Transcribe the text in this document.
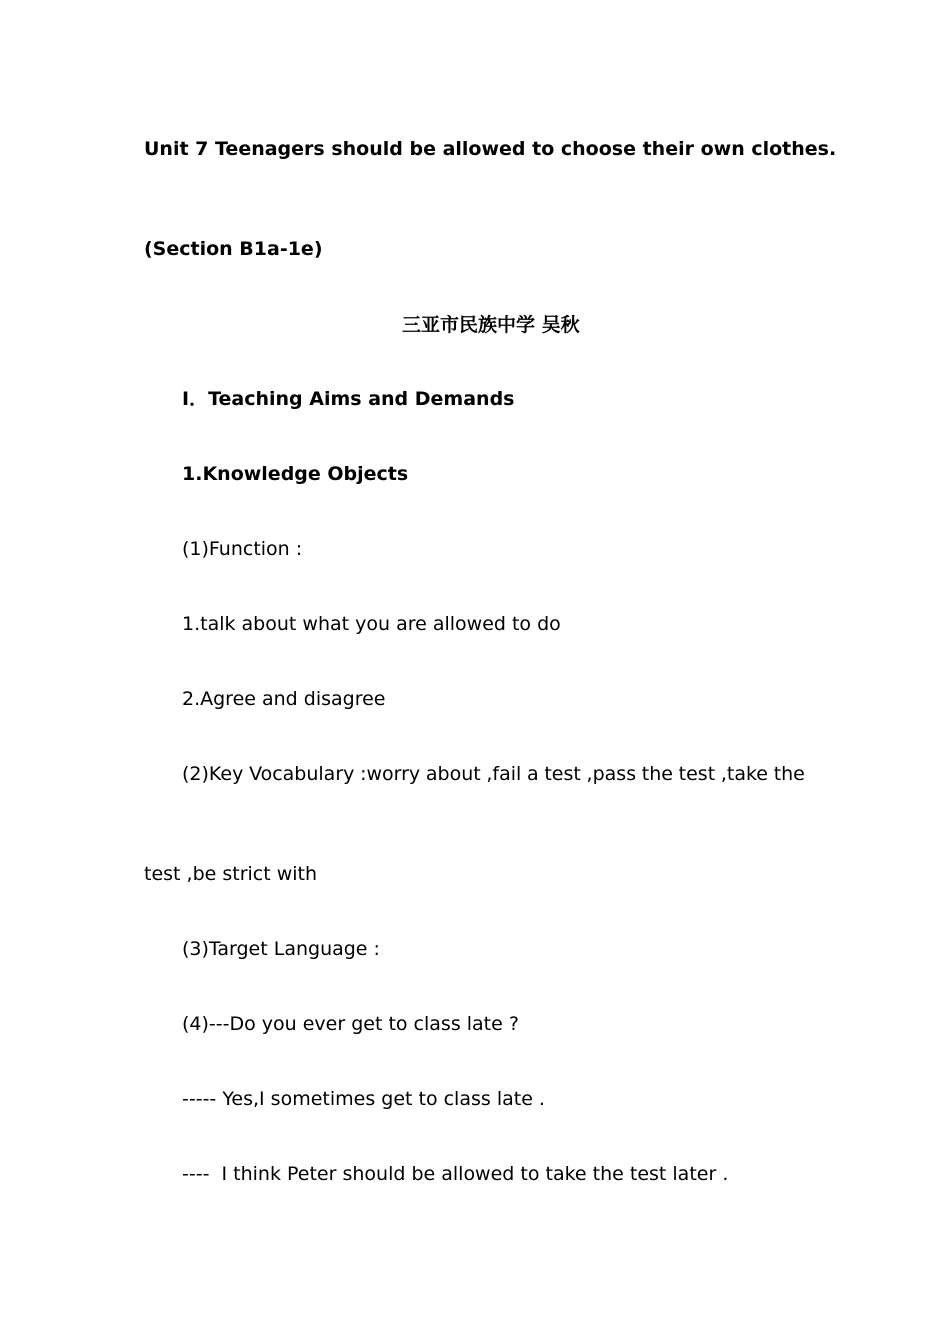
Unit 7 Teenagers should be allowed to choose their own clothes.
(Section B1a-1e)
三亚市民族中学 吴秋
Ⅰ．Teaching Aims and Demands
1.Knowledge Objects
(1)Function :
1.talk about what you are allowed to do
2.Agree and disagree
(2)Key Vocabulary :worry about ,fail a test ,pass the test ,take the
test ,be strict with
(3)Target Language :
(4)---Do you ever get to class late ?
----- Yes,I sometimes get to class late .
----  I think Peter should be allowed to take the test later .
